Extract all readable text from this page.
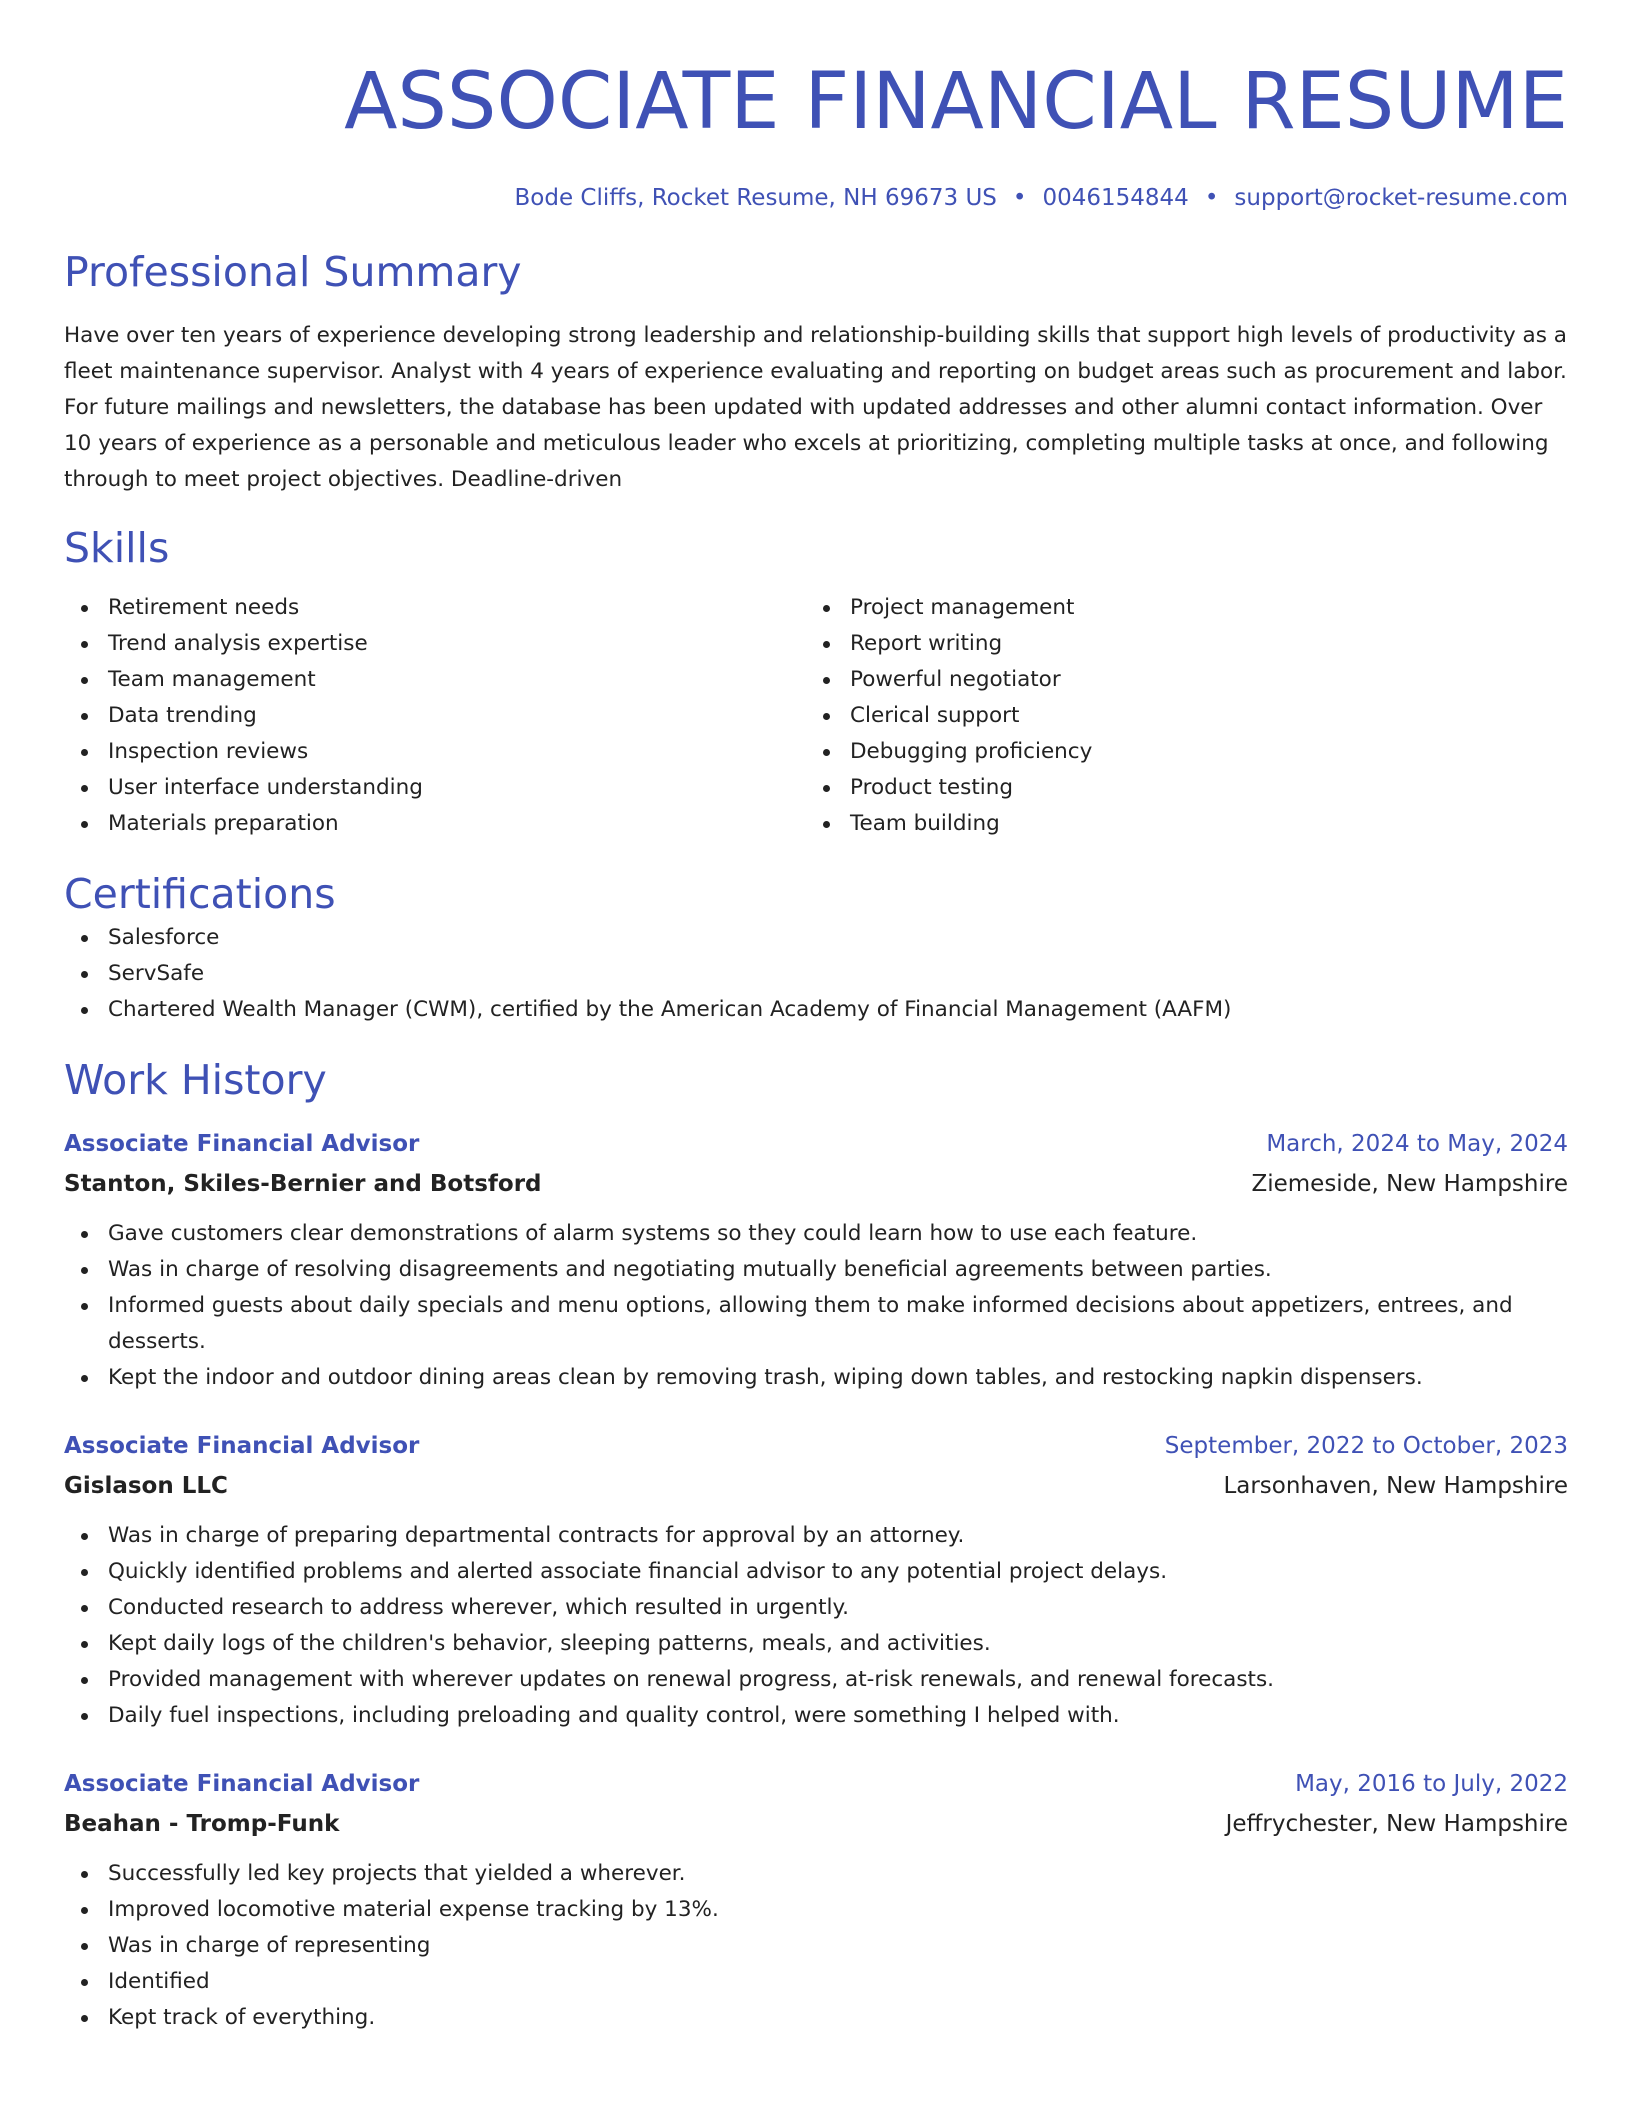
ASSOCIATE FINANCIAL RESUME
Bode Cliffs, Rocket Resume, NH 69673 US • 0046154844 • support@rocket-resume.com
Professional Summary

Have over ten years of experience developing strong leadership and relationship-building skills that support high levels of productivity as a fleet maintenance supervisor. Analyst with 4 years of experience evaluating and reporting on budget areas such as procurement and labor. For future mailings and newsletters, the database has been updated with updated addresses and other alumni contact information. Over 10 years of experience as a personable and meticulous leader who excels at prioritizing, completing multiple tasks at once, and following through to meet project objectives. Deadline-driven

Skills
Retirement needs
Trend analysis expertise
Team management
Data trending
Inspection reviews
User interface understanding
Materials preparation
Project management
Report writing
Powerful negotiator
Clerical support
Debugging proficiency
Product testing
Team building
Certifications
Salesforce
ServSafe
Chartered Wealth Manager (CWM), certified by the American Academy of Financial Management (AAFM)
Work History
Associate Financial Advisor	March, 2024 to May, 2024
Stanton, Skiles-Bernier and Botsford	Ziemeside, New Hampshire
Gave customers clear demonstrations of alarm systems so they could learn how to use each feature.
Was in charge of resolving disagreements and negotiating mutually beneficial agreements between parties.
Informed guests about daily specials and menu options, allowing them to make informed decisions about appetizers, entrees, and desserts.
Kept the indoor and outdoor dining areas clean by removing trash, wiping down tables, and restocking napkin dispensers.
Associate Financial Advisor	September, 2022 to October, 2023
Gislason LLC	Larsonhaven, New Hampshire
Was in charge of preparing departmental contracts for approval by an attorney.
Quickly identified problems and alerted associate financial advisor to any potential project delays.
Conducted research to address wherever, which resulted in urgently.
Kept daily logs of the children's behavior, sleeping patterns, meals, and activities.
Provided management with wherever updates on renewal progress, at-risk renewals, and renewal forecasts.
Daily fuel inspections, including preloading and quality control, were something I helped with.
Associate Financial Advisor	May, 2016 to July, 2022
Beahan - Tromp-Funk	Jeffrychester, New Hampshire
Successfully led key projects that yielded a wherever.
Improved locomotive material expense tracking by 13%.
Was in charge of representing
Identified
Kept track of everything.
